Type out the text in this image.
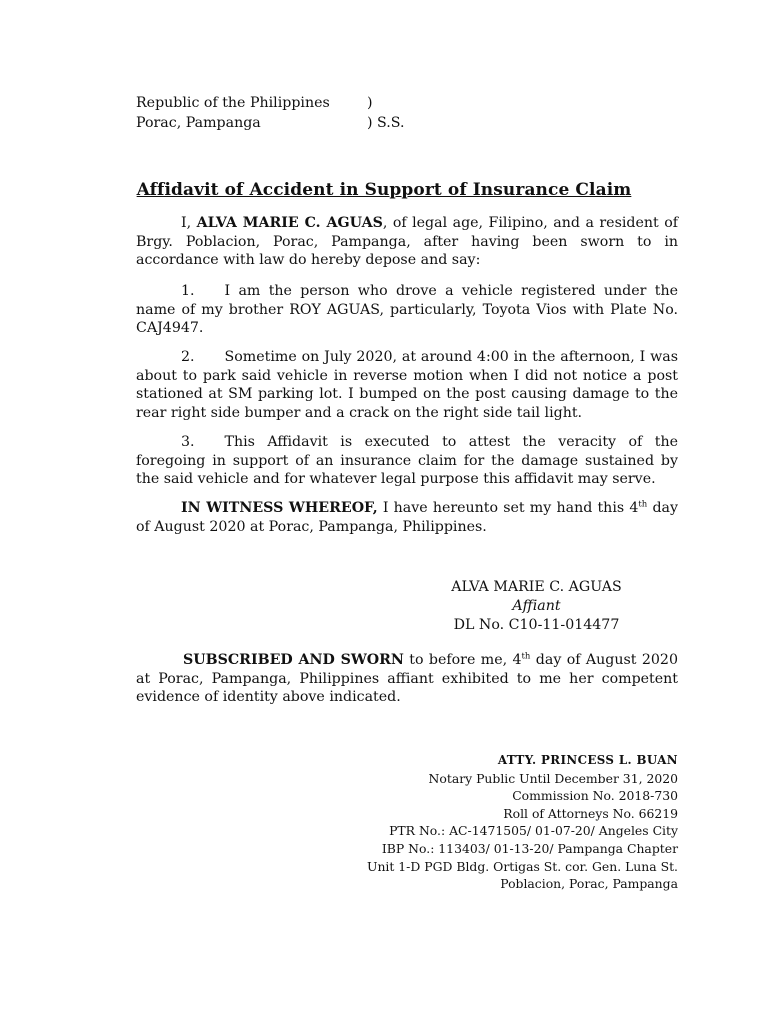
Republic of the Philippines	)
Porac, Pampanga	) S.S.
Affidavit of Accident in Support of Insurance Claim
I, ALVA MARIE C. AGUAS, of legal age, Filipino, and a resident of Brgy. Poblacion, Porac, Pampanga, after having been sworn to in accordance with law do hereby depose and say:
1. I am the person who drove a vehicle registered under the name of my brother ROY AGUAS, particularly, Toyota Vios with Plate No. CAJ4947.
2. Sometime on July 2020, at around 4:00 in the afternoon, I was about to park said vehicle in reverse motion when I did not notice a post stationed at SM parking lot. I bumped on the post causing damage to the rear right side bumper and a crack on the right side tail light.
3. This Affidavit is executed to attest the veracity of the foregoing in support of an insurance claim for the damage sustained by the said vehicle and for whatever legal purpose this affidavit may serve.
IN WITNESS WHEREOF, I have hereunto set my hand this 4th day of August 2020 at Porac, Pampanga, Philippines.
ALVA MARIE C. AGUAS
Affiant
DL No. C10-11-014477
SUBSCRIBED AND SWORN to before me, 4th day of August 2020 at Porac, Pampanga, Philippines affiant exhibited to me her competent evidence of identity above indicated.
ATTY. PRINCESS L. BUAN
Notary Public Until December 31, 2020
Commission No. 2018-730
Roll of Attorneys No. 66219
PTR No.: AC-1471505/ 01-07-20/ Angeles City
IBP No.: 113403/ 01-13-20/ Pampanga Chapter
Unit 1-D PGD Bldg. Ortigas St. cor. Gen. Luna St.
Poblacion, Porac, Pampanga
